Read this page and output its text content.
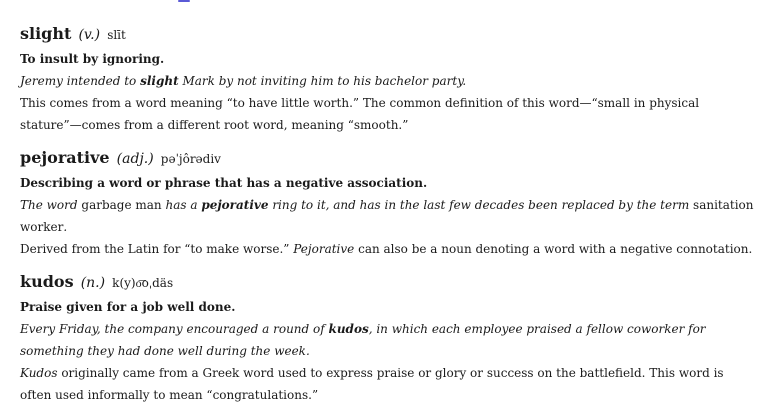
slight (v.) slīt
To insult by ignoring.
Jeremy intended to slight Mark by not inviting him to his bachelor party.
This comes from a word meaning “to have little worth.” The common definition of this word—“small in physical stature”—comes from a different root word, meaning “smooth.”
pejorative (adj.) pəˈjôrədiv
Describing a word or phrase that has a negative association.
The word garbage man has a pejorative ring to it, and has in the last few decades been replaced by the term sanitation worker.
Derived from the Latin for “to make worse.” Pejorative can also be a noun denoting a word with a negative connotation.
kudos (n.) k(y)o͞oˌdäs
Praise given for a job well done.
Every Friday, the company encouraged a round of kudos, in which each employee praised a fellow coworker for something they had done well during the week.
Kudos originally came from a Greek word used to express praise or glory or success on the battlefield. This word is often used informally to mean “congratulations.”
